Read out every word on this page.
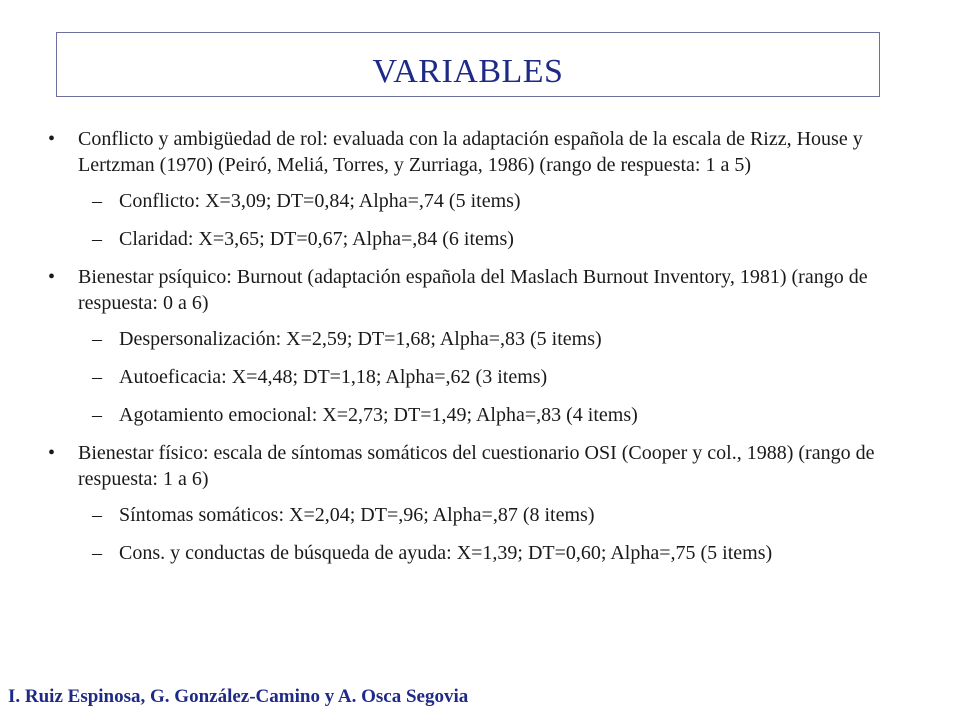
VARIABLES
• Conflicto y ambigüedad de rol: evaluada con la adaptación española de la escala de Rizz, House y Lertzman (1970) (Peiró, Meliá, Torres, y Zurriaga, 1986) (rango de respuesta: 1 a 5)
– Conflicto: X=3,09; DT=0,84; Alpha=,74 (5 items)
– Claridad: X=3,65; DT=0,67; Alpha=,84 (6 items)
• Bienestar psíquico: Burnout (adaptación española del Maslach Burnout Inventory, 1981) (rango de respuesta: 0 a 6)
– Despersonalización: X=2,59; DT=1,68; Alpha=,83 (5 items)
– Autoeficacia: X=4,48; DT=1,18; Alpha=,62 (3 items)
– Agotamiento emocional: X=2,73; DT=1,49; Alpha=,83 (4 items)
• Bienestar físico: escala de síntomas somáticos del cuestionario OSI (Cooper y col., 1988) (rango de respuesta: 1 a 6)
– Síntomas somáticos: X=2,04; DT=,96; Alpha=,87 (8 items)
– Cons. y conductas de búsqueda de ayuda: X=1,39; DT=0,60; Alpha=,75 (5 items)
I. Ruiz Espinosa, G. González-Camino y A. Osca Segovia
